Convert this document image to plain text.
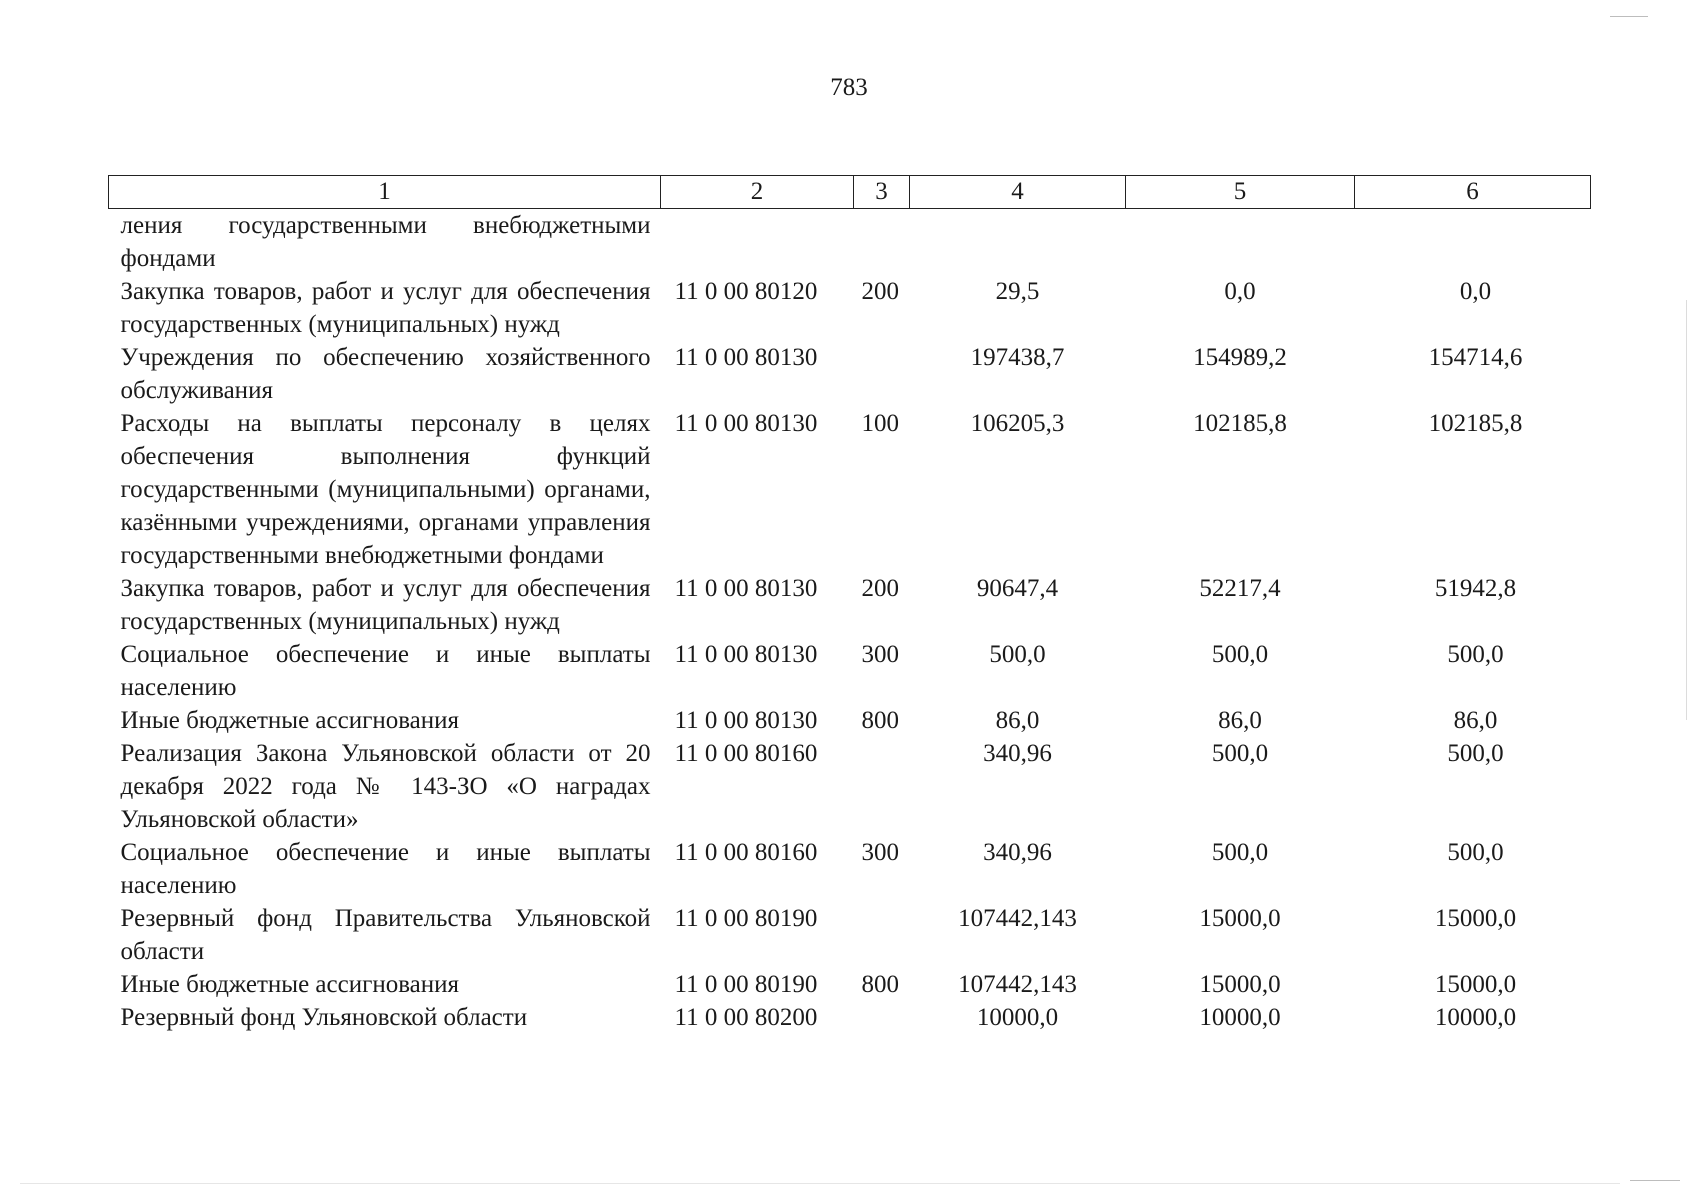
783
1	2	3	4	5	6
ления государственными внебюджетными фондами					
Закупка товаров, работ и услуг для обеспечения государственных (муниципальных) нужд	11 0 00 80120	200	29,5	0,0	0,0
Учреждения по обеспечению хозяйственного обслуживания	11 0 00 80130		197438,7	154989,2	154714,6
Расходы на выплаты персоналу в целях обеспечения выполнения функций государственными (муниципальными) органами, казёнными учреждениями, органами управления государственными внебюджетными фондами	11 0 00 80130	100	106205,3	102185,8	102185,8
Закупка товаров, работ и услуг для обеспечения государственных (муниципальных) нужд	11 0 00 80130	200	90647,4	52217,4	51942,8
Социальное обеспечение и иные выплаты населению	11 0 00 80130	300	500,0	500,0	500,0
Иные бюджетные ассигнования	11 0 00 80130	800	86,0	86,0	86,0
Реализация Закона Ульяновской области от 20 декабря 2022 года № 143-ЗО «О наградах Ульяновской области»	11 0 00 80160		340,96	500,0	500,0
Социальное обеспечение и иные выплаты населению	11 0 00 80160	300	340,96	500,0	500,0
Резервный фонд Правительства Ульяновской области	11 0 00 80190		107442,143	15000,0	15000,0
Иные бюджетные ассигнования	11 0 00 80190	800	107442,143	15000,0	15000,0
Резервный фонд Ульяновской области	11 0 00 80200		10000,0	10000,0	10000,0
